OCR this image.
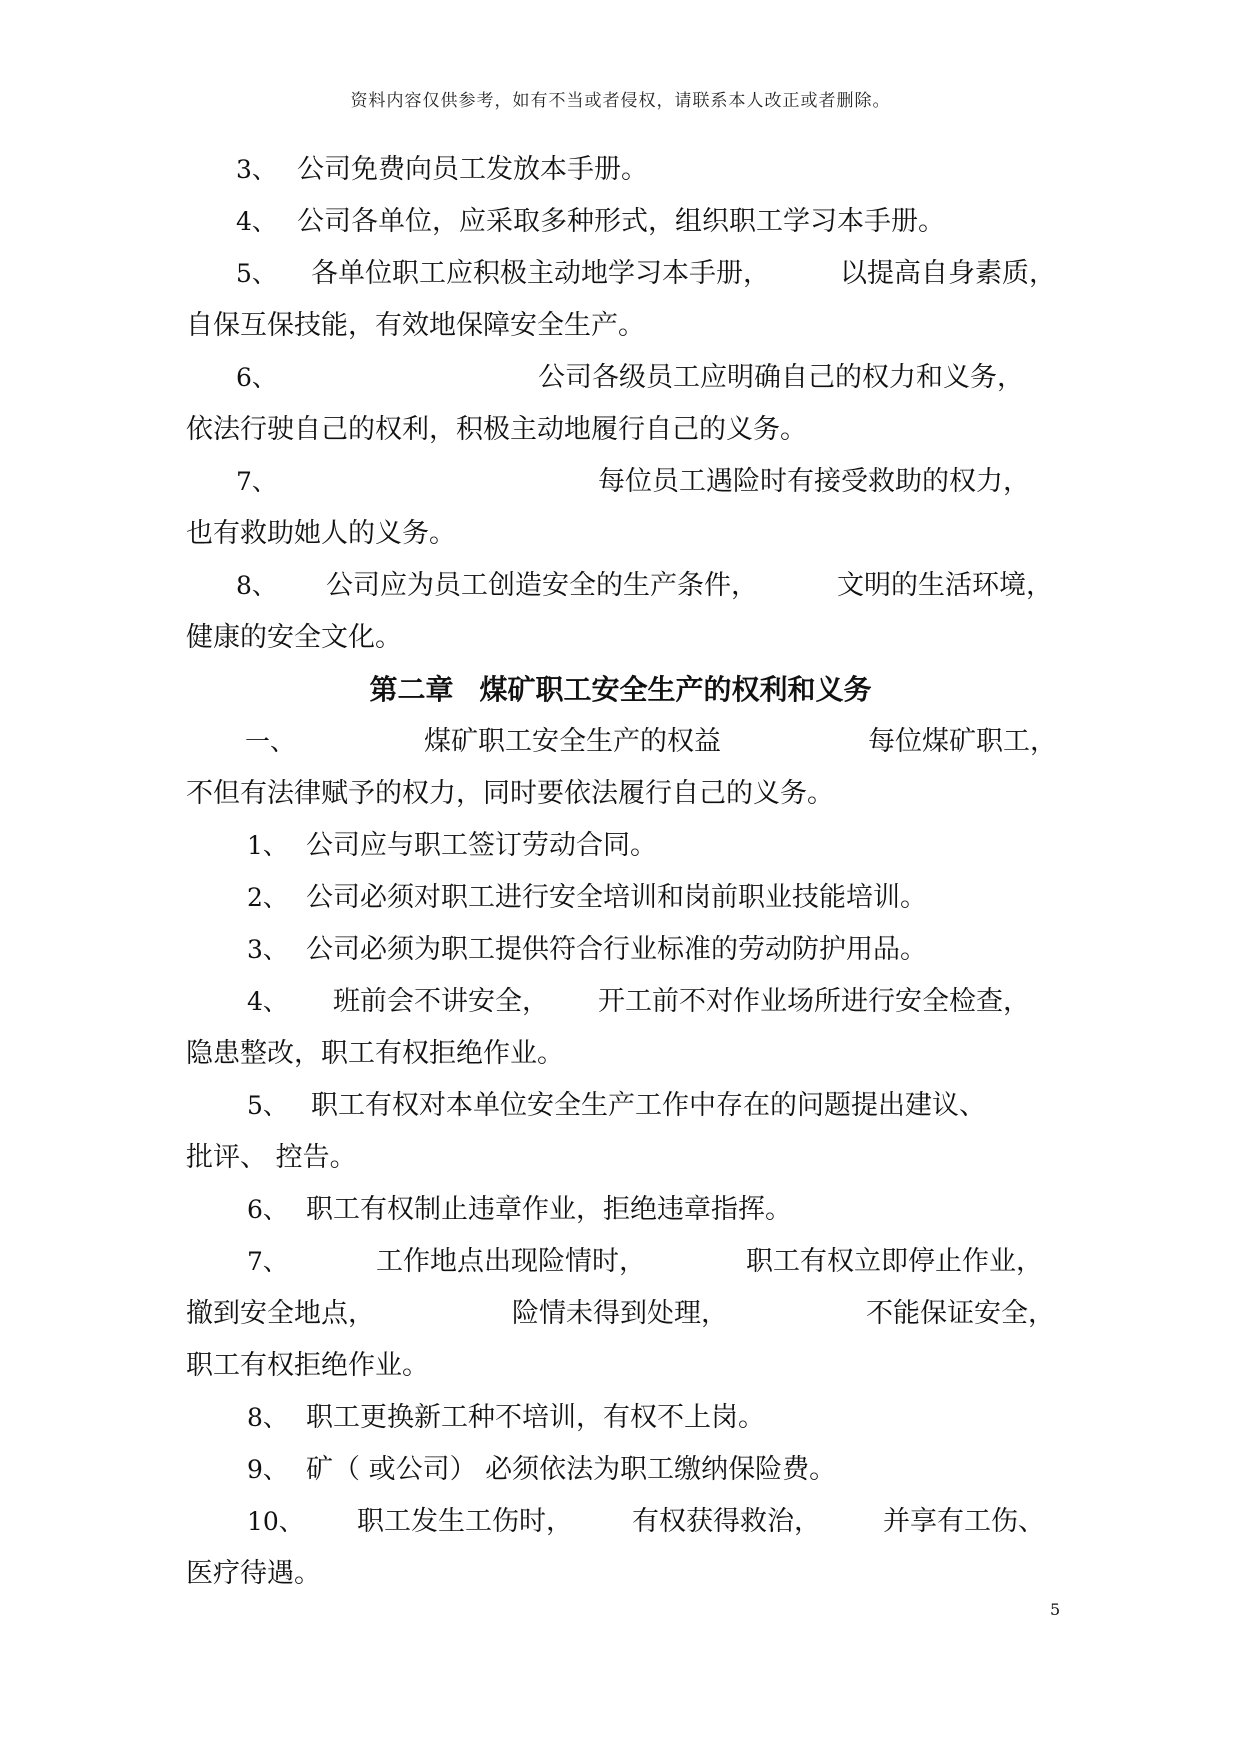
资料内容仅供参考，如有不当或者侵权，请联系本人改正或者删除。
3、 公司免费向员工发放本手册。
4、 公司各单位，应采取多种形式，组织职工学习本手册。
5、 各单位职工应积极主动地学习本手册，	以提高自身素质，
自保互保技能，有效地保障安全生产。
6、	公司各级员工应明确自己的权力和义务，
依法行驶自己的权利，积极主动地履行自己的义务。
7、	每位员工遇险时有接受救助的权力，
也有救助她人的义务。
8、 公司应为员工创造安全的生产条件，	文明的生活环境，
健康的安全文化。
第二章 煤矿职工安全生产的权利和义务
一、	煤矿职工安全生产的权益	每位煤矿职工，
不但有法律赋予的权力，同时要依法履行自己的义务。
1、 公司应与职工签订劳动合同。
2、 公司必须对职工进行安全培训和岗前职业技能培训。
3、 公司必须为职工提供符合行业标准的劳动防护用品。
4、 班前会不讲安全， 开工前不对作业场所进行安全检查，
隐患整改，职工有权拒绝作业。
5、 职工有权对本单位安全生产工作中存在的问题提出建议、
批评、 控告。
6、 职工有权制止违章作业，拒绝违章指挥。
7、	工作地点出现险情时，	职工有权立即停止作业，
撤到安全地点，	险情未得到处理，	不能保证安全，
职工有权拒绝作业。
8、 职工更换新工种不培训，有权不上岗。
9、 矿（ 或公司） 必须依法为职工缴纳保险费。
10、 职工发生工伤时， 有权获得救治， 并享有工伤、
医疗待遇。
5
